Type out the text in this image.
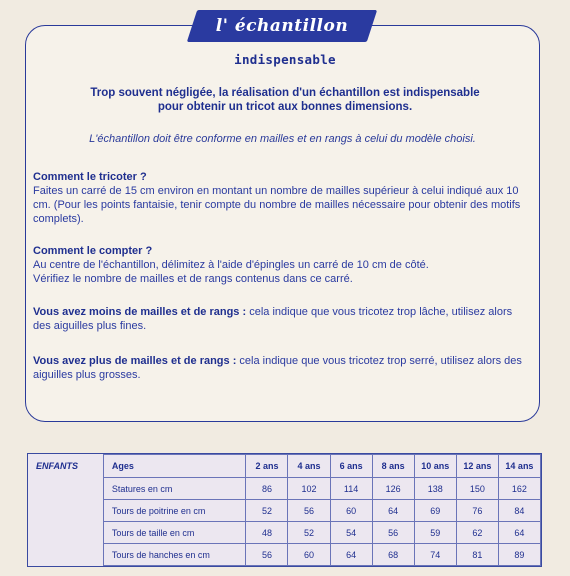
l' échantillon
indispensable
Trop souvent négligée, la réalisation d'un échantillon est indispensable
pour obtenir un tricot aux bonnes dimensions.
L'échantillon doit être conforme en mailles et en rangs à celui du modèle choisi.
Comment le tricoter ?
Faites un carré de 15 cm environ en montant un nombre de mailles supérieur à celui indiqué aux 10 cm. (Pour les points fantaisie, tenir compte du nombre de mailles nécessaire pour obtenir des motifs complets).
Comment le compter ?
Au centre de l'échantillon, délimitez à l'aide d'épingles un carré de 10 cm de côté.
Vérifiez le nombre de mailles et de rangs contenus dans ce carré.
Vous avez moins de mailles et de rangs : cela indique que vous tricotez trop lâche, utilisez alors des aiguilles plus fines.
Vous avez plus de mailles et de rangs : cela indique que vous tricotez trop serré, utilisez alors des aiguilles plus grosses.
ENFANTS	Ages	2 ans	4 ans	6 ans	8 ans	10 ans	12 ans	14 ans
	Statures en cm	86	102	114	126	138	150	162
	Tours de poitrine en cm	52	56	60	64	69	76	84
	Tours de taille en cm	48	52	54	56	59	62	64
	Tours de hanches en cm	56	60	64	68	74	81	89
